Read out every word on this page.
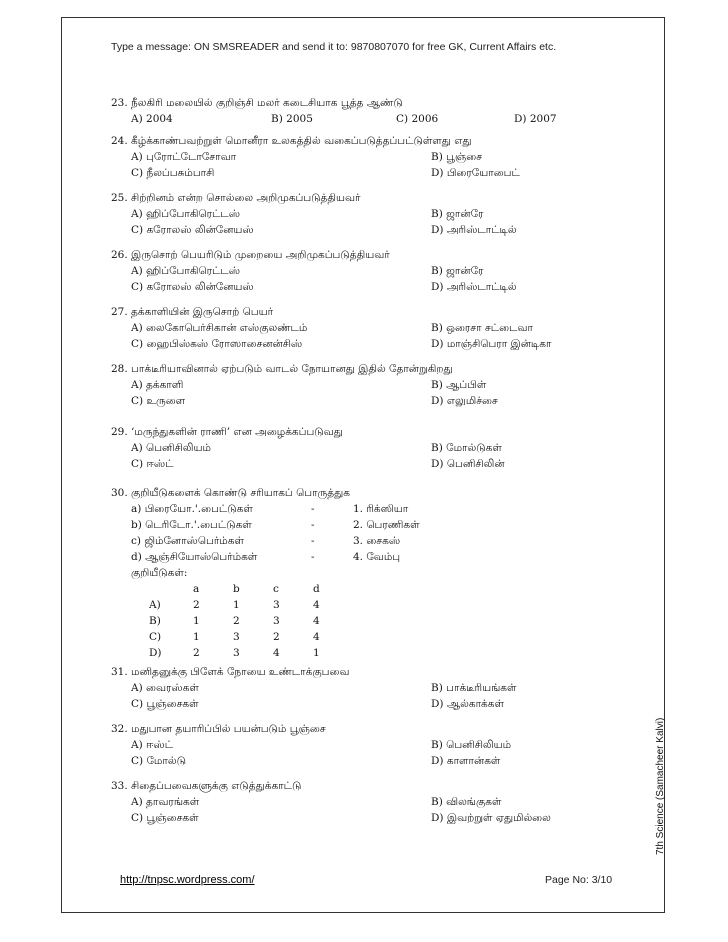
Type a message: ON SMSREADER and send it to: 9870807070 for free GK, Current Affairs etc.
23. நீலகிரி மலையில் குறிஞ்சி மலர் கடைசியாக பூத்த ஆண்டு
A) 2004	B) 2005	C) 2006	D) 2007
24. கீழ்க்காண்பவற்றுள் மொனீரா உலகத்தில் வகைப்படுத்தப்பட்டுள்ளது எது
A) புரோட்டோசோவா	B) பூஞ்சை
C) நீலப்பசும்பாசி	D) பிரையோபைட்
25. சிற்றினம் என்ற சொல்லை அறிமுகப்படுத்தியவர்
A) ஹிப்போகிரெட்டஸ்	B) ஜான்ரே
C) கரோலஸ் லின்னேயஸ்	D) அரிஸ்டாட்டில்
26. இருசொற் பெயரிடும் முறையை அறிமுகப்படுத்தியவர்
A) ஹிப்போகிரெட்டஸ்	B) ஜான்ரே
C) கரோலஸ் லின்னேயஸ்	D) அரிஸ்டாட்டில்
27. தக்காளியின் இருசொற் பெயர்
A) லைகோபெர்சிகான் எஸ்குலண்டம்	B) ஒரைசா சட்டைவா
C) ஹைபிஸ்கஸ் ரோஸாசைனன்சிஸ்	D) மாஞ்சிபெரா இன்டிகா
28. பாக்டீரியாவினால் ஏற்படும் வாடல் நோயானது இதில் தோன்றுகிறது
A) தக்காளி	B) ஆப்பிள்
C) உருளை	D) எலுமிச்சை
29. ‘மருந்துகளின் ராணி’ என அழைக்கப்படுவது
A) பெனிசிலியம்	B) மோல்டுகள்
C) ஈஸ்ட்	D) பெனிசிலின்
30. குறியீடுகளைக் கொண்டு சரியாகப் பொருத்துக
a) பிரையோ.'.பைட்டுகள்	-	1. ரிக்ஸியா
b) டெரிடோ.'.பைட்டுகள்	-	2. பெரணிகள்
c) ஜிம்னோஸ்பெர்ம்கள்	-	3. சைகஸ்
d) ஆஞ்சியோஸ்பெர்ம்கள்	-	4. வேம்பு
குறியீடுகள்:
a	b	c	d
A)	2	1	3	4
B)	1	2	3	4
C)	1	3	2	4
D)	2	3	4	1
31. மனிதனுக்கு பிளேக் நோயை உண்டாக்குபவை
A) வைரஸ்கள்	B) பாக்டீரியங்கள்
C) பூஞ்சைகள்	D) ஆல்காக்கள்
32. மதுபான தயாரிப்பில் பயன்படும் பூஞ்சை
A) ஈஸ்ட்	B) பெனிசிலியம்
C) மோல்டு	D) காளான்கள்
33. சிதைப்பவைகளுக்கு எடுத்துக்காட்டு
A) தாவரங்கள்	B) விலங்குகள்
C) பூஞ்சைகள்	D) இவற்றுள் ஏதுமில்லை	7th Science (Samacheer Kalvi)
http://tnpsc.wordpress.com/	Page No: 3/10
